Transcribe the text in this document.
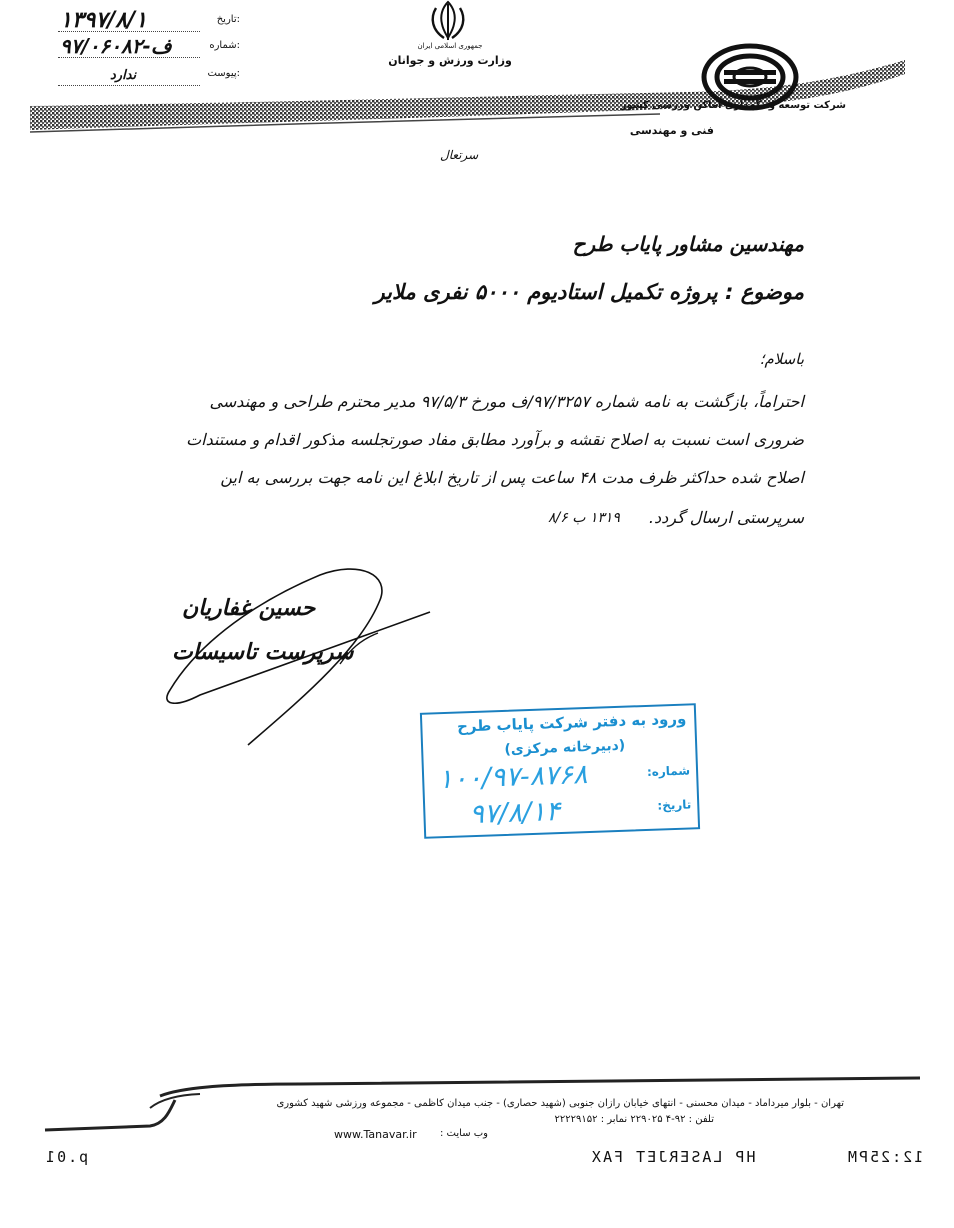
۱۳۹۷/۸/۱	تاریخ:
۹۷/۰۶۰۸۲-ف	شماره:
ندارد	پیوست:
جمهوری اسلامی ایران
وزارت ورزش و جوانان
شرکت توسعه و نگهداری اماکن ورزشی کشور
فنی و مهندسی
سرتعال
مهندسین مشاور پایاب طرح
موضوع : پروژه تکمیل استادیوم ۵۰۰۰ نفری ملایر
باسلام؛
احتراماً، بازگشت به نامه شماره ۹۷/۳۲۵۷/ف مورخ ۹۷/۵/۳ مدیر محترم طراحی و مهندسی
ضروری است نسبت به اصلاح نقشه و برآورد مطابق مفاد صورتجلسه مذکور اقدام و مستندات
اصلاح شده حداکثر ظرف مدت ۴۸ ساعت پس از تاریخ ابلاغ این نامه جهت بررسی به این
سرپرستی ارسال گردد.
۱۳۱۹ ب ۸/۶
حسین غفاریان
سرپرست تاسیسات
ورود به دفتر شرکت پایاب طرح
(دبیرخانه مرکزی)
شماره:
۱۰۰/۹۷-۸۷۶۸
تاریخ:
۹۷/۸/۱۴
تهران - بلوار میرداماد - میدان محسنی - انتهای خیابان رازان جنوبی (شهید حصاری) - جنب میدان کاظمی - مجموعه ورزشی شهید کشوری
تلفن : ۹۲-۴ ۲۲۹۰۲۵ نمابر : ۲۲۲۲۹۱۵۲
www.Tanavar.ir وب سایت :
p.01	HP LASERJET FAX	12:25PM
